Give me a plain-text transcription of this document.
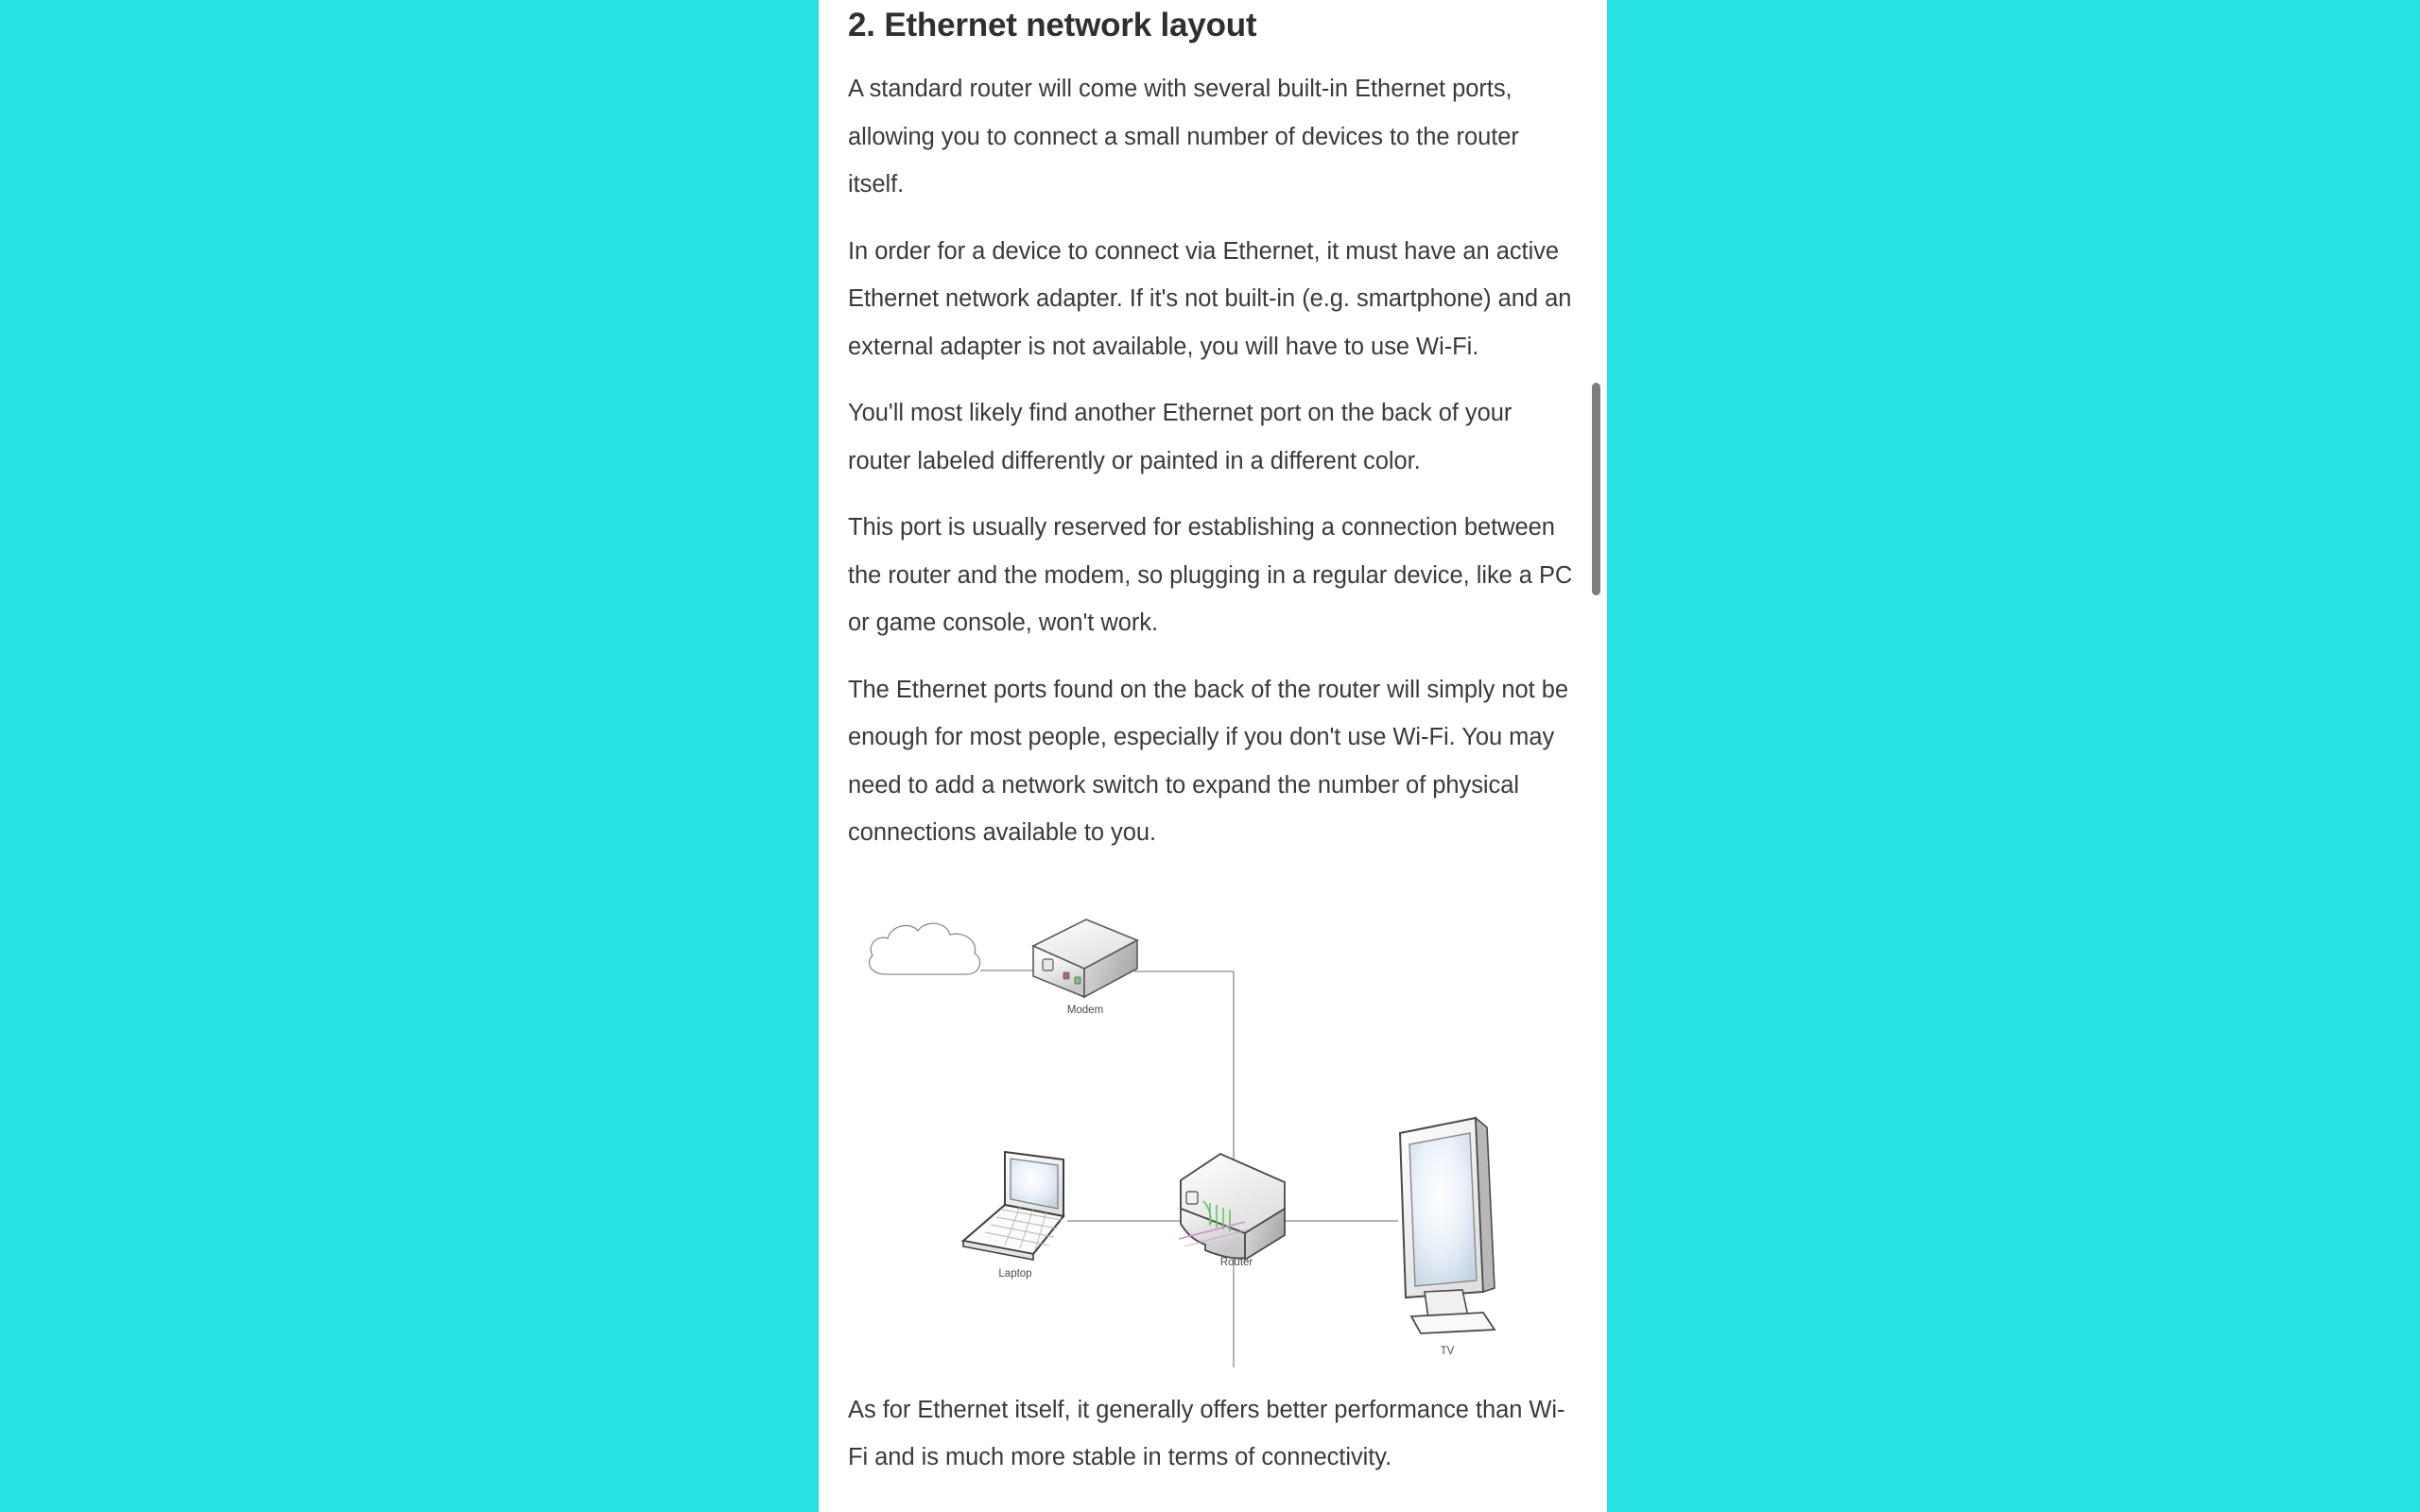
2. Ethernet network layout

A standard router will come with several built-in Ethernet ports, allowing you to connect a small number of devices to the router itself.

In order for a device to connect via Ethernet, it must have an active Ethernet network adapter. If it's not built-in (e.g. smartphone) and an external adapter is not available, you will have to use Wi-Fi.

You'll most likely find another Ethernet port on the back of your router labeled differently or painted in a different color.

This port is usually reserved for establishing a connection between the router and the modem, so plugging in a regular device, like a PC or game console, won't work.

The Ethernet ports found on the back of the router will simply not be enough for most people, especially if you don't use Wi-Fi. You may need to add a network switch to expand the number of physical connections available to you.

Modem
Router
Laptop
TV

As for Ethernet itself, it generally offers better performance than Wi-Fi and is much more stable in terms of connectivity.
